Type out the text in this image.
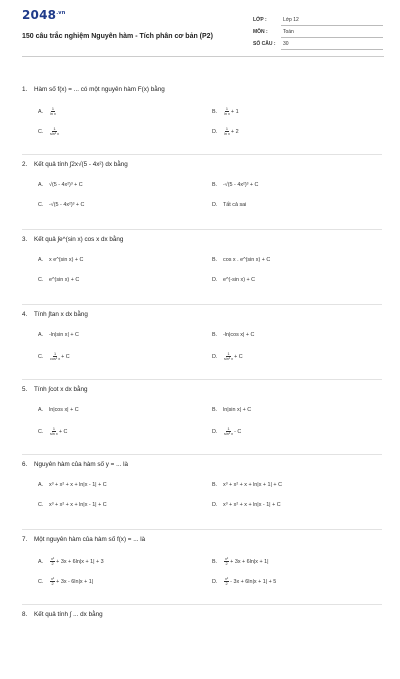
$2048^{.vn}$
150 câu trắc nghiệm Nguyên hàm - Tích phân cơ bản (P2)
LỚP :	Lớp 12
MÔN :	Toán
SỐ CÂU : 30
1. Hàm số f(x) = ... có một nguyên hàm F(x) bằng
A. $\frac{1}{\text{ln x}}$	B. $\frac{1}{\text{ln x}} + 1$
C. $\frac{1}{\text{sin² x}}$	D. $\frac{1}{\text{ln x}} + 2$
2. Kết quả tính ∫2x√(5 - 4x²) dx bằng
A. √(5 - 4x²)³ + C	B. -√(5 - 4x²)³ + C
C. -√(5 - 4x²)³ + C	D. Tất cả sai
3. Kết quả ∫e^(sin x) cos x dx bằng
A. x e^(sin x) + C	B. cos x . e^(sin x) + C
C. e^(sin x) + C	D. e^(-sin x) + C
4. Tính ∫tan x dx bằng
A. -ln|sin x| + C	B. -ln|cos x| + C
C. $\frac{1}{\text{cos² x}} + C$	D. $\frac{1}{\text{sin² x}} + C$
5. Tính ∫cot x dx bằng
A. ln|cos x| + C	B. ln|sin x| + C
C. $\frac{1}{\text{sin x}} + C$	D. $\frac{1}{\text{sin² x}}$ - C
6. Nguyên hàm của hàm số y = ... là
A. x³ + x² + x + ln|x - 1| + C	B. x³ + x² + x + ln|x + 1| + C
C. x³ + x² + x + ln|x - 1| + C	D. x³ + x² + x + ln|x - 1| + C
7. Một nguyên hàm của hàm số f(x) = ... là
A. $\frac{\text{x²}}{2} + 3x + 6\ln|x + 1| + 3$	B. $\frac{\text{x²}}{2} + 3x + 6\ln|x + 1|$
C. $\frac{\text{x²}}{2} + 3x - 6\ln|x + 1|$	D. $\frac{\text{x²}}{2} - 3x + 6\ln|x + 1| + 5$
8. Kết quả tính ∫ ... dx bằng
